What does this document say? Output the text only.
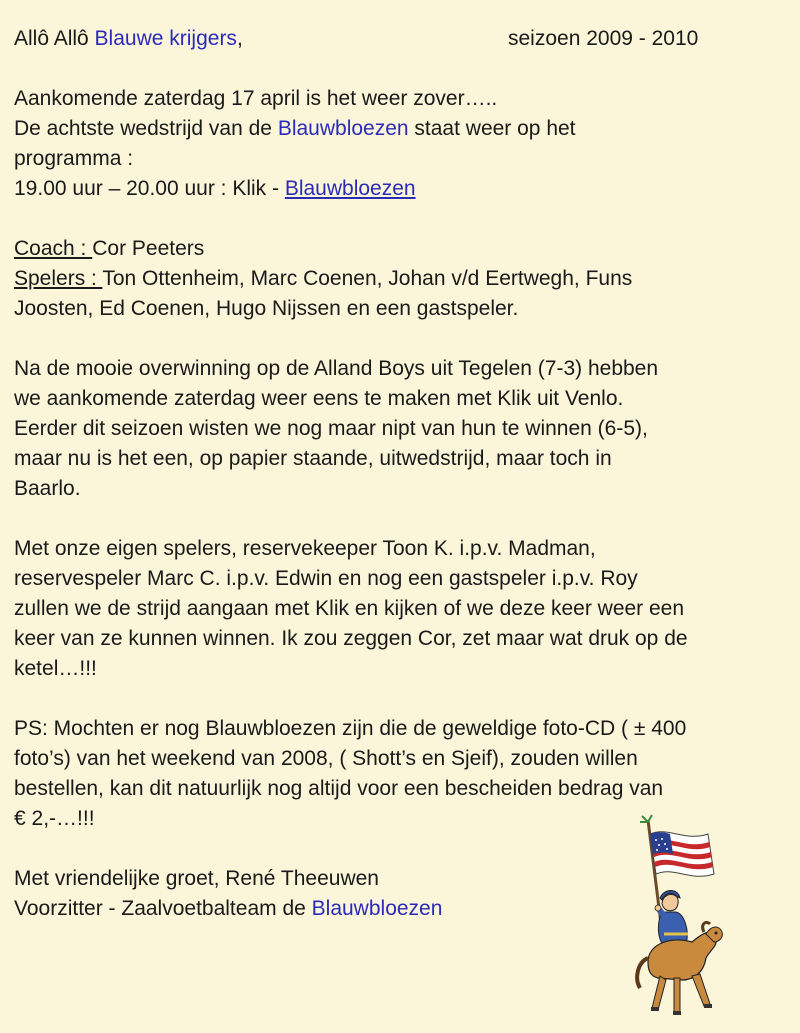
Allô Allô Blauwe krijgers,
Aankomende zaterdag 17 april is het weer zover…..
De achtste wedstrijd van de Blauwbloezen staat weer op het
programma :
19.00 uur – 20.00 uur : Klik - Blauwbloezen
Coach : Cor Peeters
Spelers : Ton Ottenheim, Marc Coenen, Johan v/d Eertwegh, Funs
Joosten, Ed Coenen, Hugo Nijssen en een gastspeler.
Na de mooie overwinning op de Alland Boys uit Tegelen (7-3) hebben
we aankomende zaterdag weer eens te maken met Klik uit Venlo.
Eerder dit seizoen wisten we nog maar nipt van hun te winnen (6-5),
maar nu is het een, op papier staande, uitwedstrijd, maar toch in
Baarlo.
Met onze eigen spelers, reservekeeper Toon K. i.p.v. Madman,
reservespeler Marc C. i.p.v. Edwin en nog een gastspeler i.p.v. Roy
zullen we de strijd aangaan met Klik en kijken of we deze keer weer een
keer van ze kunnen winnen. Ik zou zeggen Cor, zet maar wat druk op de
ketel…!!!
PS: Mochten er nog Blauwbloezen zijn die de geweldige foto-CD ( ± 400
foto’s) van het weekend van 2008, ( Shott’s en Sjeif), zouden willen
bestellen, kan dit natuurlijk nog altijd voor een bescheiden bedrag van
€ 2,-…!!!
Met vriendelijke groet, René Theeuwen
Voorzitter - Zaalvoetbalteam de Blauwbloezen
seizoen 2009 - 2010
